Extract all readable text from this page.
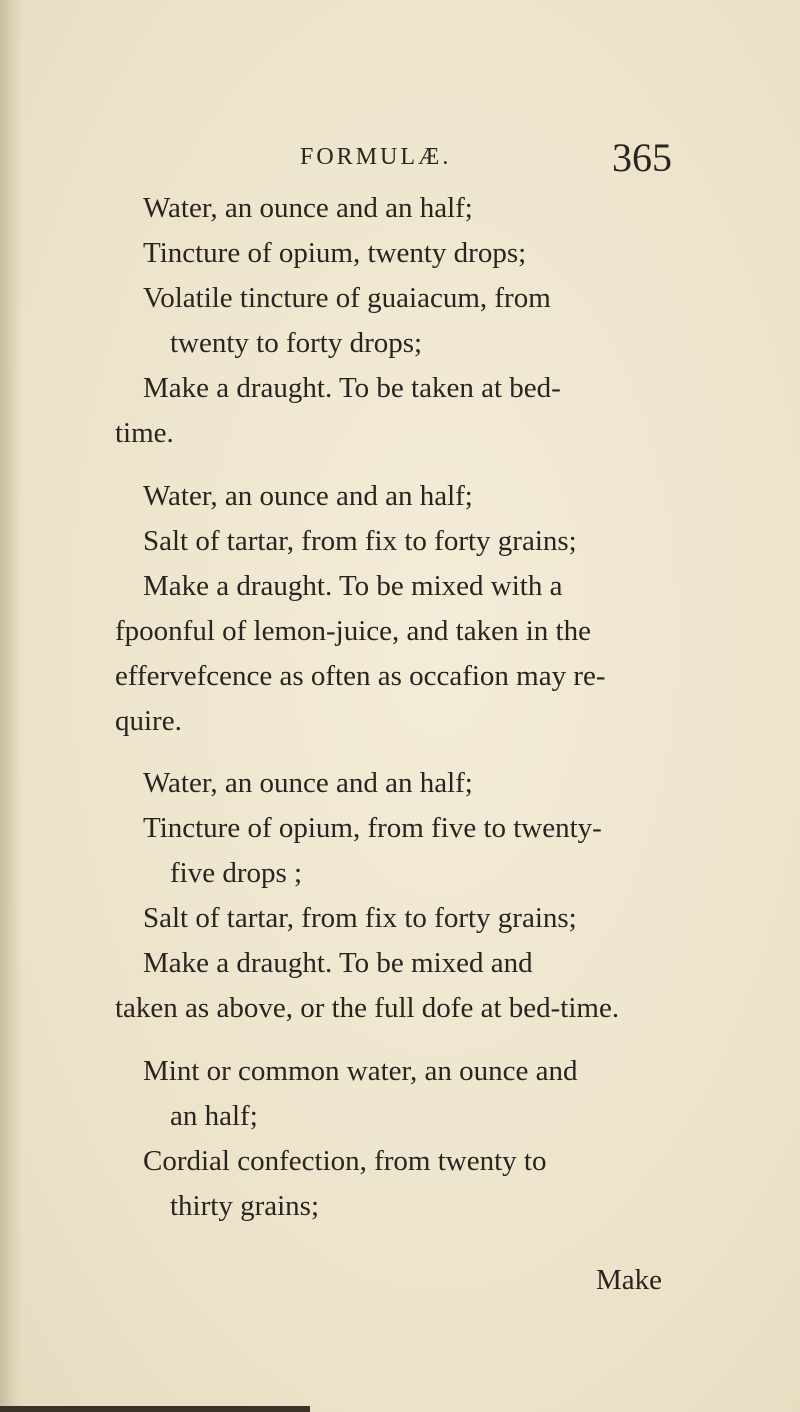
FORMULÆ.	365
Water, an ounce and an half;
Tincture of opium, twenty drops;
Volatile tincture of guaiacum, from
twenty to forty drops;
Make a draught. To be taken at bed-
time.
Water, an ounce and an half;
Salt of tartar, from fix to forty grains;
Make a draught. To be mixed with a
fpoonful of lemon-juice, and taken in the
effervefcence as often as occafion may re-
quire.
Water, an ounce and an half;
Tincture of opium, from five to twenty-
five drops ;
Salt of tartar, from fix to forty grains;
Make a draught. To be mixed and
taken as above, or the full dofe at bed-time.
Mint or common water, an ounce and
an half;
Cordial confection, from twenty to
thirty grains;
Make
